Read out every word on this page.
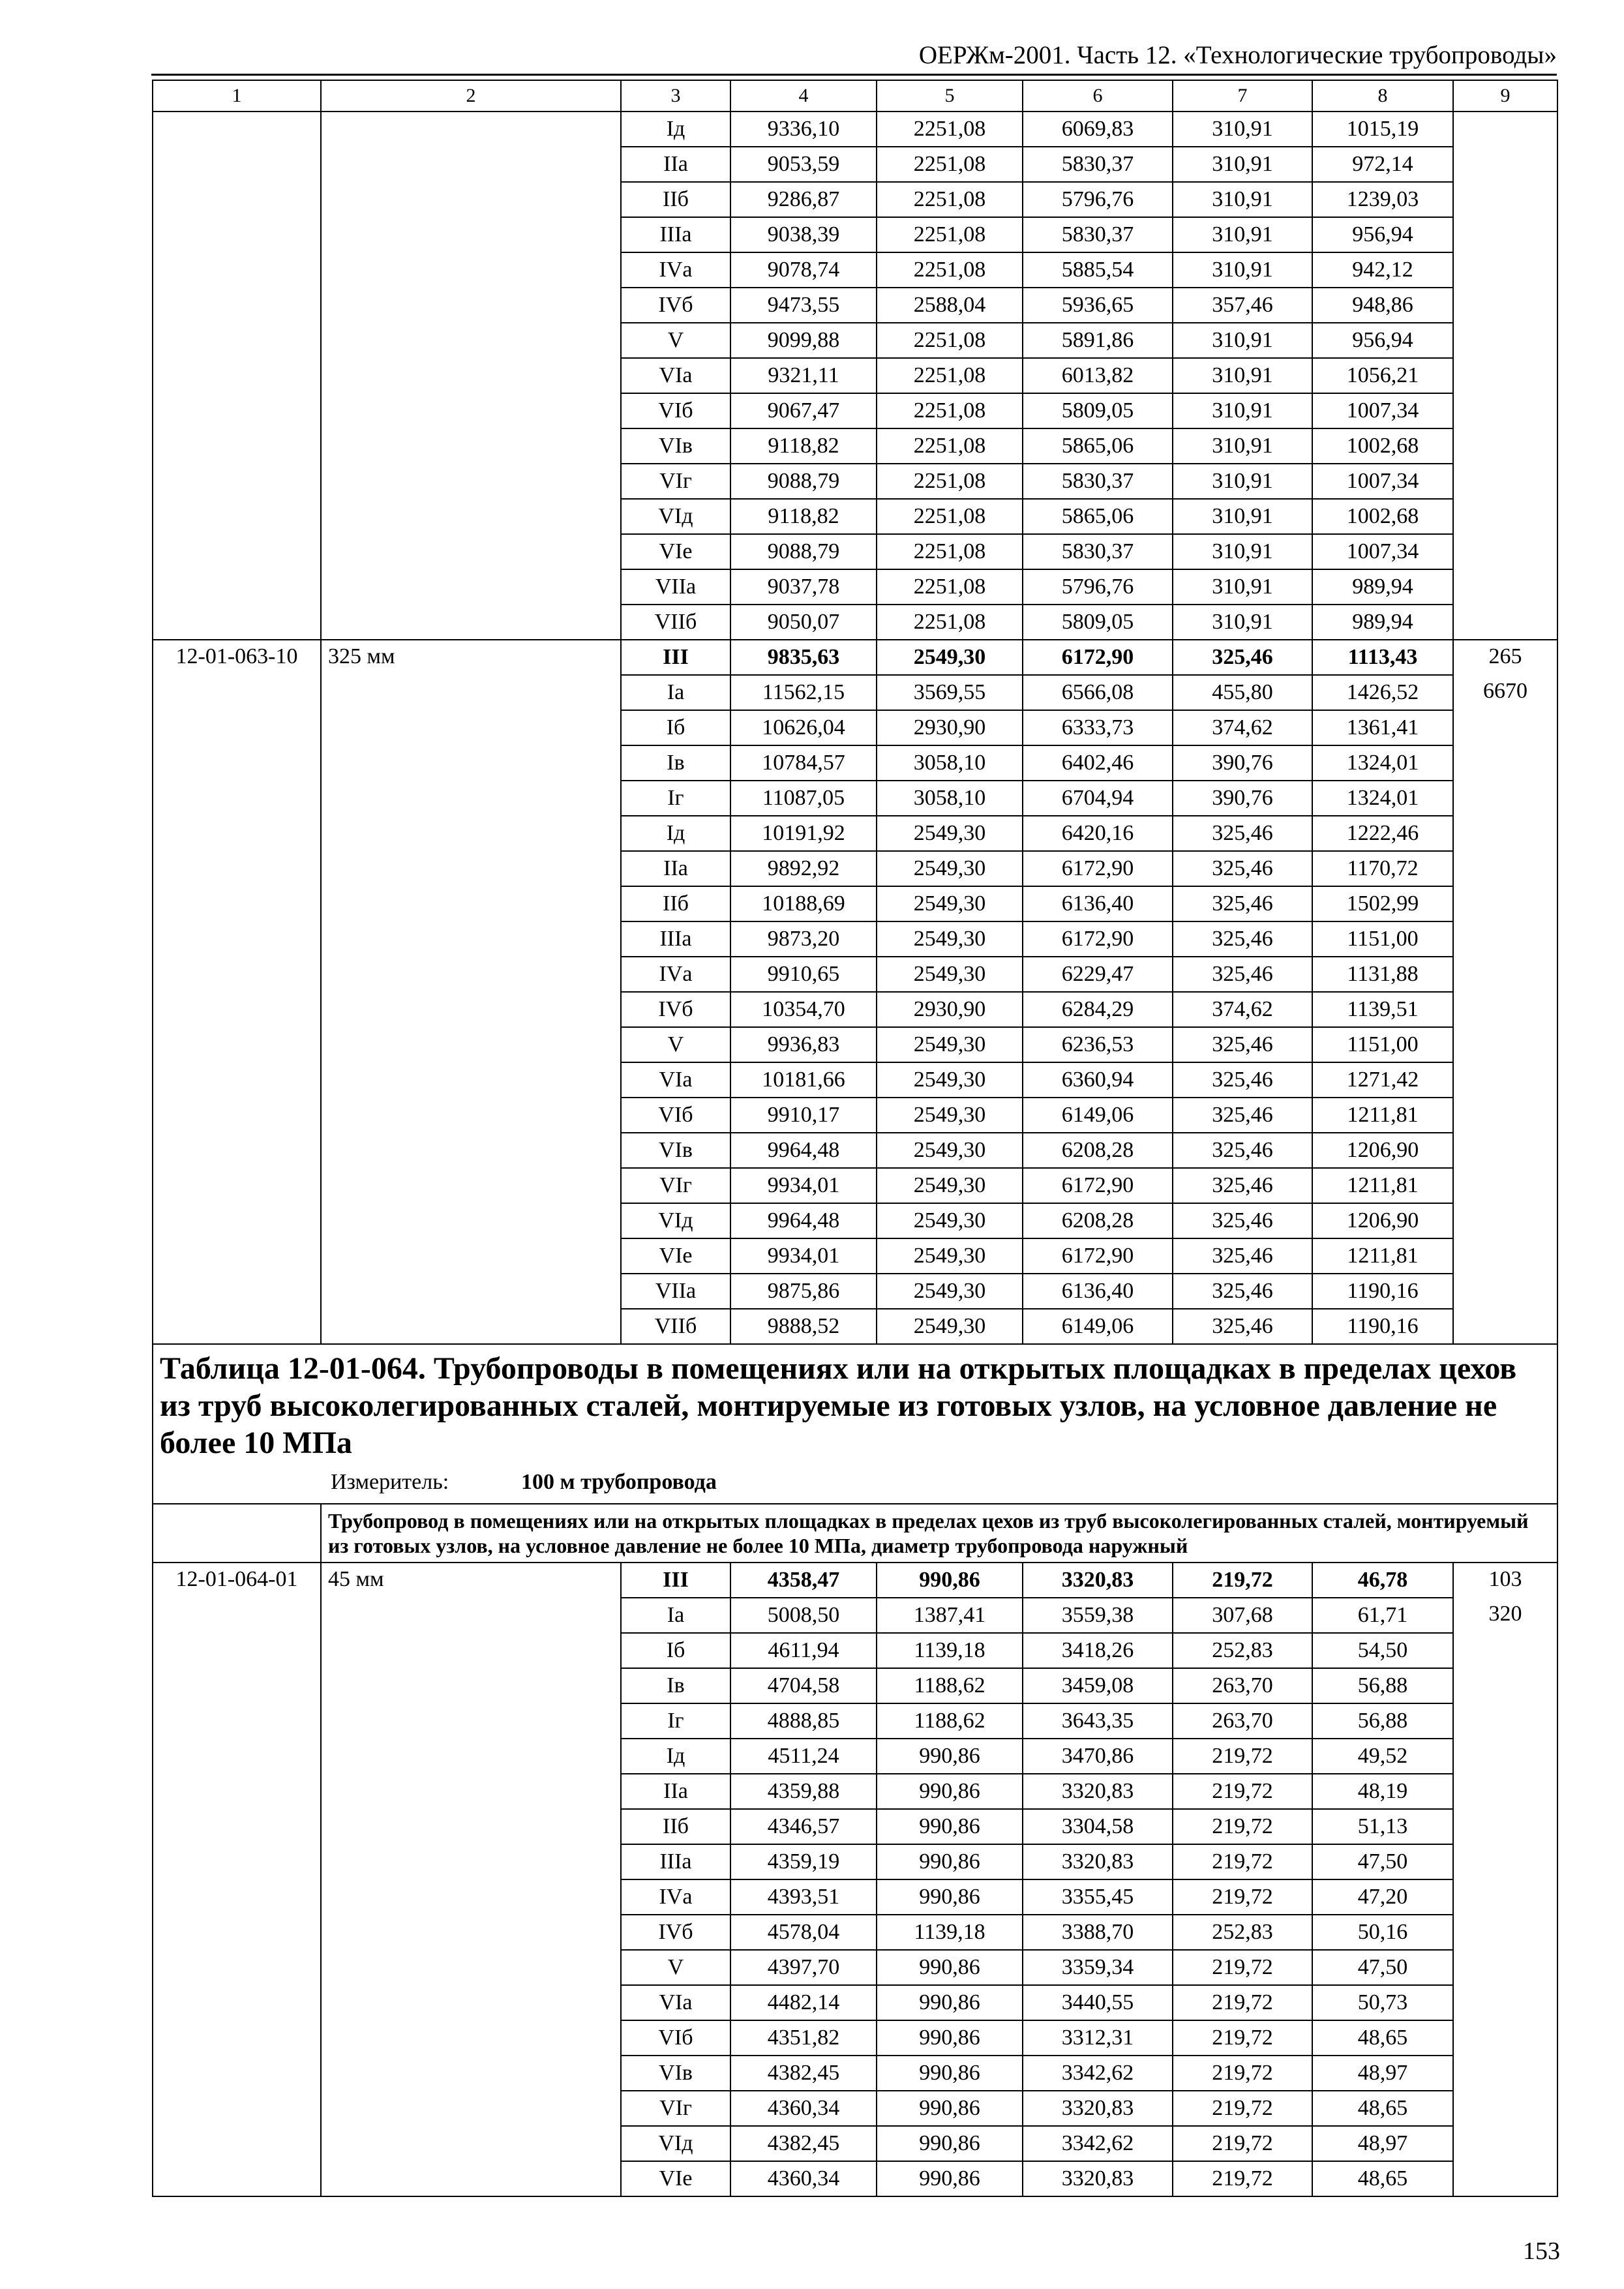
ОЕРЖм-2001. Часть 12. «Технологические трубопроводы»
1	2	3	4	5	6	7	8	9
		Iд	9336,10	2251,08	6069,83	310,91	1015,19	
		IIа	9053,59	2251,08	5830,37	310,91	972,14	
		IIб	9286,87	2251,08	5796,76	310,91	1239,03	
		IIIа	9038,39	2251,08	5830,37	310,91	956,94	
		IVа	9078,74	2251,08	5885,54	310,91	942,12	
		IVб	9473,55	2588,04	5936,65	357,46	948,86	
		V	9099,88	2251,08	5891,86	310,91	956,94	
		VIа	9321,11	2251,08	6013,82	310,91	1056,21	
		VIб	9067,47	2251,08	5809,05	310,91	1007,34	
		VIв	9118,82	2251,08	5865,06	310,91	1002,68	
		VIг	9088,79	2251,08	5830,37	310,91	1007,34	
		VIд	9118,82	2251,08	5865,06	310,91	1002,68	
		VIе	9088,79	2251,08	5830,37	310,91	1007,34	
		VIIа	9037,78	2251,08	5796,76	310,91	989,94	
		VIIб	9050,07	2251,08	5809,05	310,91	989,94	
12-01-063-10	325 мм	III	9835,63	2549,30	6172,90	325,46	1113,43	265
		Iа	11562,15	3569,55	6566,08	455,80	1426,52	6670
		Iб	10626,04	2930,90	6333,73	374,62	1361,41	
		Iв	10784,57	3058,10	6402,46	390,76	1324,01	
		Iг	11087,05	3058,10	6704,94	390,76	1324,01	
		Iд	10191,92	2549,30	6420,16	325,46	1222,46	
		IIа	9892,92	2549,30	6172,90	325,46	1170,72	
		IIб	10188,69	2549,30	6136,40	325,46	1502,99	
		IIIа	9873,20	2549,30	6172,90	325,46	1151,00	
		IVа	9910,65	2549,30	6229,47	325,46	1131,88	
		IVб	10354,70	2930,90	6284,29	374,62	1139,51	
		V	9936,83	2549,30	6236,53	325,46	1151,00	
		VIа	10181,66	2549,30	6360,94	325,46	1271,42	
		VIб	9910,17	2549,30	6149,06	325,46	1211,81	
		VIв	9964,48	2549,30	6208,28	325,46	1206,90	
		VIг	9934,01	2549,30	6172,90	325,46	1211,81	
		VIд	9964,48	2549,30	6208,28	325,46	1206,90	
		VIе	9934,01	2549,30	6172,90	325,46	1211,81	
		VIIа	9875,86	2549,30	6136,40	325,46	1190,16	
		VIIб	9888,52	2549,30	6149,06	325,46	1190,16	

Таблица 12-01-064. Трубопроводы в помещениях или на открытых площадках в пределах цехов из труб высоколегированных сталей, монтируемые из готовых узлов, на условное давление не более 10 МПа
Измеритель: 100 м трубопровода								

	Трубопровод в помещениях или на открытых площадках в пределах цехов из труб высоколегированных сталей, монтируемый из готовых узлов, на условное давление не более 10 МПа, диаметр трубопровода наружный							
12-01-064-01	45 мм	III	4358,47	990,86	3320,83	219,72	46,78	103
		Iа	5008,50	1387,41	3559,38	307,68	61,71	320
		Iб	4611,94	1139,18	3418,26	252,83	54,50	
		Iв	4704,58	1188,62	3459,08	263,70	56,88	
		Iг	4888,85	1188,62	3643,35	263,70	56,88	
		Iд	4511,24	990,86	3470,86	219,72	49,52	
		IIа	4359,88	990,86	3320,83	219,72	48,19	
		IIб	4346,57	990,86	3304,58	219,72	51,13	
		IIIа	4359,19	990,86	3320,83	219,72	47,50	
		IVа	4393,51	990,86	3355,45	219,72	47,20	
		IVб	4578,04	1139,18	3388,70	252,83	50,16	
		V	4397,70	990,86	3359,34	219,72	47,50	
		VIа	4482,14	990,86	3440,55	219,72	50,73	
		VIб	4351,82	990,86	3312,31	219,72	48,65	
		VIв	4382,45	990,86	3342,62	219,72	48,97	
		VIг	4360,34	990,86	3320,83	219,72	48,65	
		VIд	4382,45	990,86	3342,62	219,72	48,97	
		VIе	4360,34	990,86	3320,83	219,72	48,65	
153
